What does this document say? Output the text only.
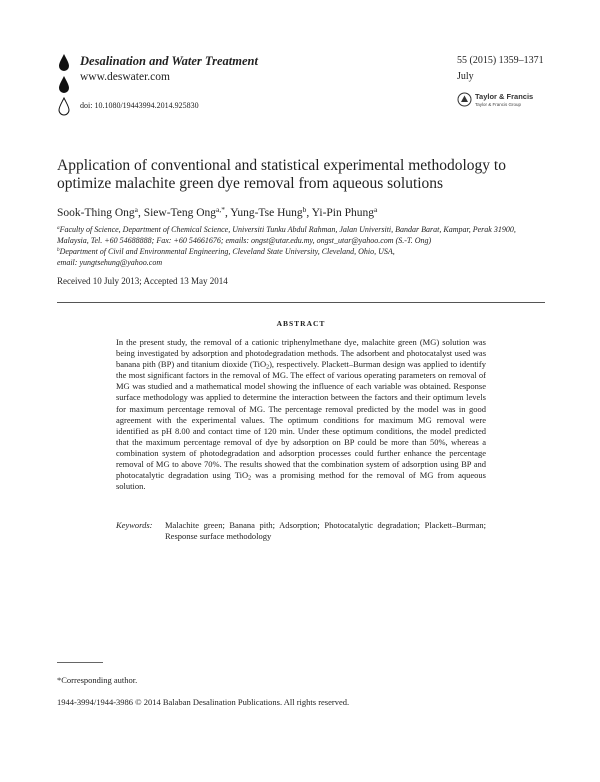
Desalination and Water Treatment
www.deswater.com
doi: 10.1080/19443994.2014.925830
55 (2015) 1359–1371
July
Taylor & Francis
Taylor & Francis Group
Application of conventional and statistical experimental methodology to optimize malachite green dye removal from aqueous solutions
Sook-Thing Ong$^a$, Siew-Teng Ong$^{a,*}$, Yung-Tse Hung$^b$, Yi-Pin Phung$^a$
$^a$Faculty of Science, Department of Chemical Science, Universiti Tunku Abdul Rahman, Jalan Universiti, Bandar Barat, Kampar, Perak 31900, Malaysia, Tel. +60 54688888; Fax: +60 54661676; emails: ongst@utar.edu.my, ongst_utar@yahoo.com (S.-T. Ong)
$^b$Department of Civil and Environmental Engineering, Cleveland State University, Cleveland, Ohio, USA,
email: yungtsehung@yahoo.com
Received 10 July 2013; Accepted 13 May 2014
ABSTRACT
In the present study, the removal of a cationic triphenylmethane dye, malachite green (MG) solution was being investigated by adsorption and photodegradation methods. The adsorbent and photocatalyst used was banana pith (BP) and titanium dioxide (TiO$_2$), respectively. Plackett–Burman design was applied to identify the most significant factors in the removal of MG. The effect of various operating parameters on removal of MG was studied and a mathematical model showing the influence of each variable was obtained. Response surface methodology was applied to determine the interaction between the factors and their optimum levels for maximum percentage removal of MG. The percentage removal predicted by the model was in good agreement with the experimental values. The optimum conditions for maximum MG removal were identified as pH 8.00 and contact time of 120 min. Under these optimum conditions, the model predicted that the maximum percentage removal of dye by adsorption on BP could be more than 50%, whereas a combination system of photodegradation and adsorption processes could further enhance the percentage removal of MG to above 70%. The results showed that the combination system of adsorption using BP and photocatalytic degradation using TiO$_2$ was a promising method for the removal of MG from aqueous solution.
Keywords: Malachite green; Banana pith; Adsorption; Photocatalytic degradation; Plackett–Burman; Response surface methodology
*Corresponding author.
1944-3994/1944-3986 © 2014 Balaban Desalination Publications. All rights reserved.
